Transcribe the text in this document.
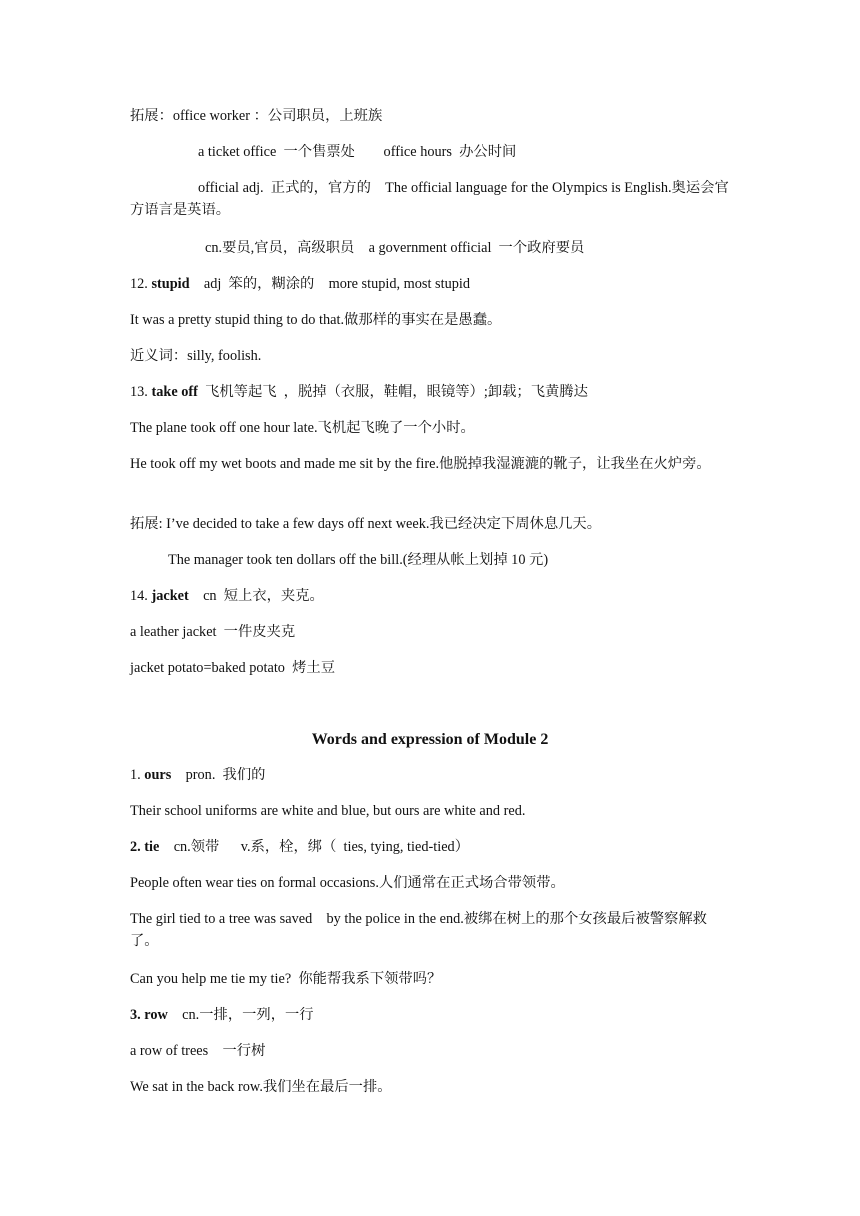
拓展：office worker ：公司职员，上班族
a ticket office  一个售票处        office hours  办公时间
official adj.  正式的，官方的    The official language for the Olympics is English.奥运会官方语言是英语。
cn.要员,官员，高级职员    a government official  一个政府要员
12. stupid    adj  笨的，糊涂的    more stupid, most stupid
It was a pretty stupid thing to do that.做那样的事实在是愚蠢。
近义词：silly, foolish.
13. take off  飞机等起飞  ，脱掉（衣服，鞋帽，眼镜等）;卸载；飞黄腾达
The plane took off one hour late.飞机起飞晚了一个小时。
He took off my wet boots and made me sit by the fire.他脱掉我湿漉漉的靴子，让我坐在火炉旁。
拓展: I’ve decided to take a few days off next week.我已经决定下周休息几天。
The manager took ten dollars off the bill.(经理从帐上划掉 10 元)
14. jacket    cn  短上衣，夹克。
a leather jacket  一件皮夹克
jacket potato=baked potato  烤土豆
Words and expression of Module 2
1. ours    pron.  我们的
Their school uniforms are white and blue, but ours are white and red.
2. tie    cn.领带      v.系，栓，绑（  ties, tying, tied-tied）
People often wear ties on formal occasions.人们通常在正式场合带领带。
The girl tied to a tree was saved    by the police in the end.被绑在树上的那个女孩最后被警察解救了。
Can you help me tie my tie?  你能帮我系下领带吗？
3. row    cn.一排，一列，一行
a row of trees    一行树
We sat in the back row.我们坐在最后一排。
